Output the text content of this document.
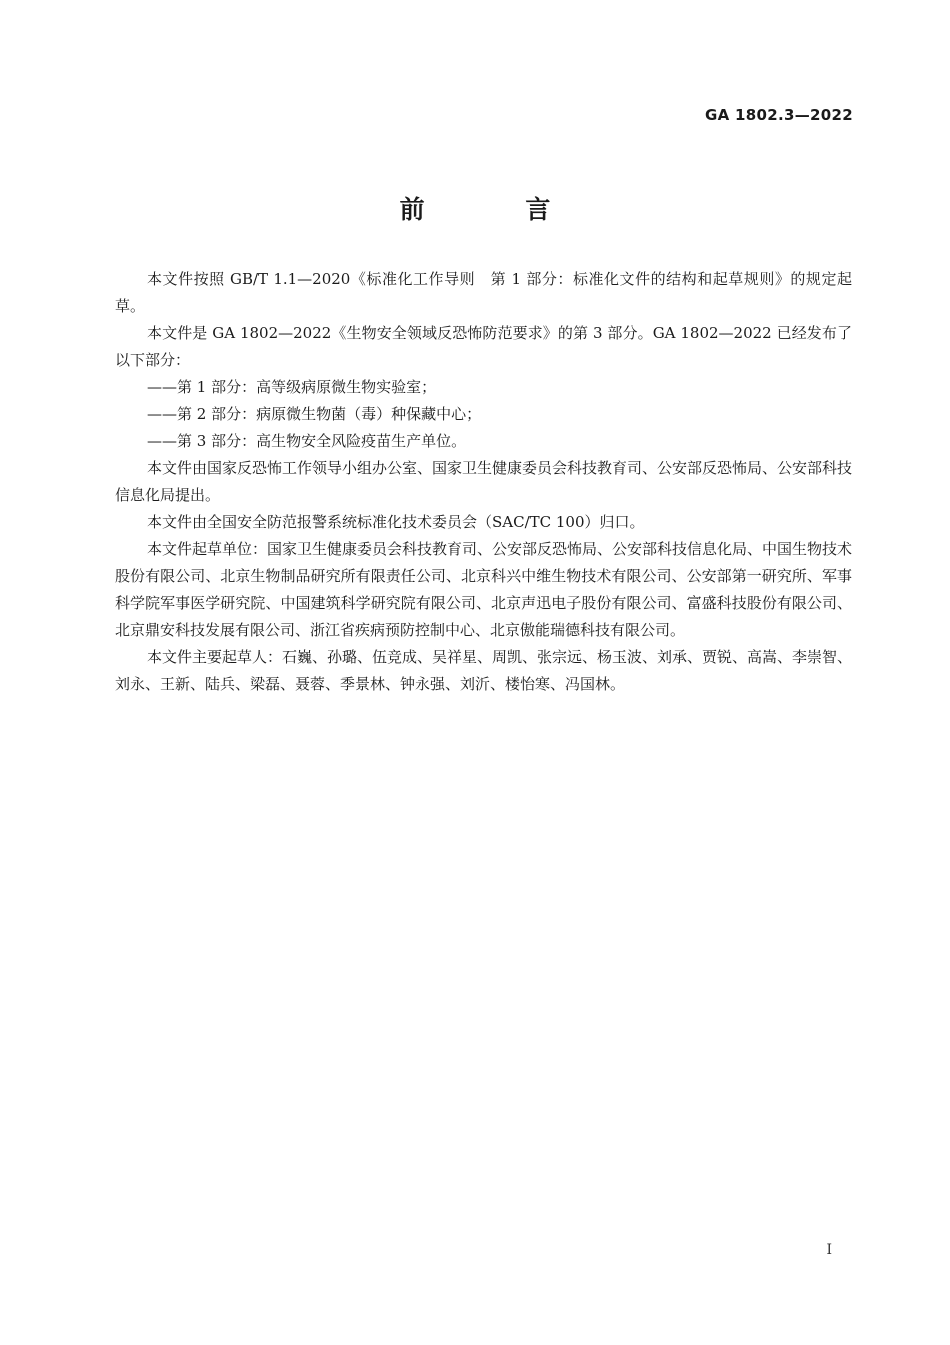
GA 1802.3—2022
前 言

本文件按照 GB/T 1.1—2020《标准化工作导则　第 1 部分：标准化文件的结构和起草规则》的规定起草。

本文件是 GA 1802—2022《生物安全领域反恐怖防范要求》的第 3 部分。GA 1802—2022 已经发布了以下部分：

——第 1 部分：高等级病原微生物实验室；

——第 2 部分：病原微生物菌（毒）种保藏中心；

——第 3 部分：高生物安全风险疫苗生产单位。

本文件由国家反恐怖工作领导小组办公室、国家卫生健康委员会科技教育司、公安部反恐怖局、公安部科技信息化局提出。

本文件由全国安全防范报警系统标准化技术委员会（SAC/TC 100）归口。

本文件起草单位：国家卫生健康委员会科技教育司、公安部反恐怖局、公安部科技信息化局、中国生物技术股份有限公司、北京生物制品研究所有限责任公司、北京科兴中维生物技术有限公司、公安部第一研究所、军事科学院军事医学研究院、中国建筑科学研究院有限公司、北京声迅电子股份有限公司、富盛科技股份有限公司、北京鼎安科技发展有限公司、浙江省疾病预防控制中心、北京傲能瑞德科技有限公司。

本文件主要起草人：石巍、孙璐、伍竞成、吴祥星、周凯、张宗远、杨玉波、刘承、贾锐、高嵩、李崇智、刘永、王新、陆兵、梁磊、聂蓉、季景林、钟永强、刘沂、楼怡寒、冯国林。

I
